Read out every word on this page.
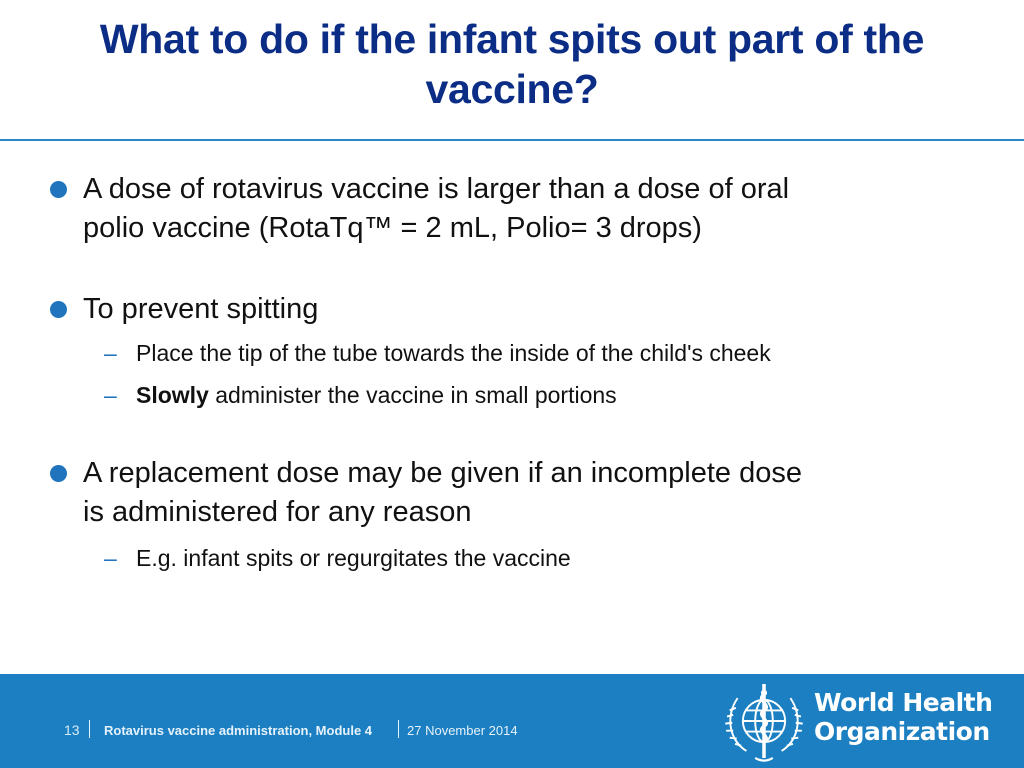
What to do if the infant spits out part of the
vaccine?
A dose of rotavirus vaccine is larger than a dose of oral
polio vaccine (RotaTq™ = 2 mL, Polio= 3 drops)
To prevent spitting
– Place the tip of the tube towards the inside of the child's cheek
– Slowly administer the vaccine in small portions
A replacement dose may be given if an incomplete dose
is administered for any reason
– E.g. infant spits or regurgitates the vaccine
13 Rotavirus vaccine administration, Module 4	27 November 2014
World Health
Organization
